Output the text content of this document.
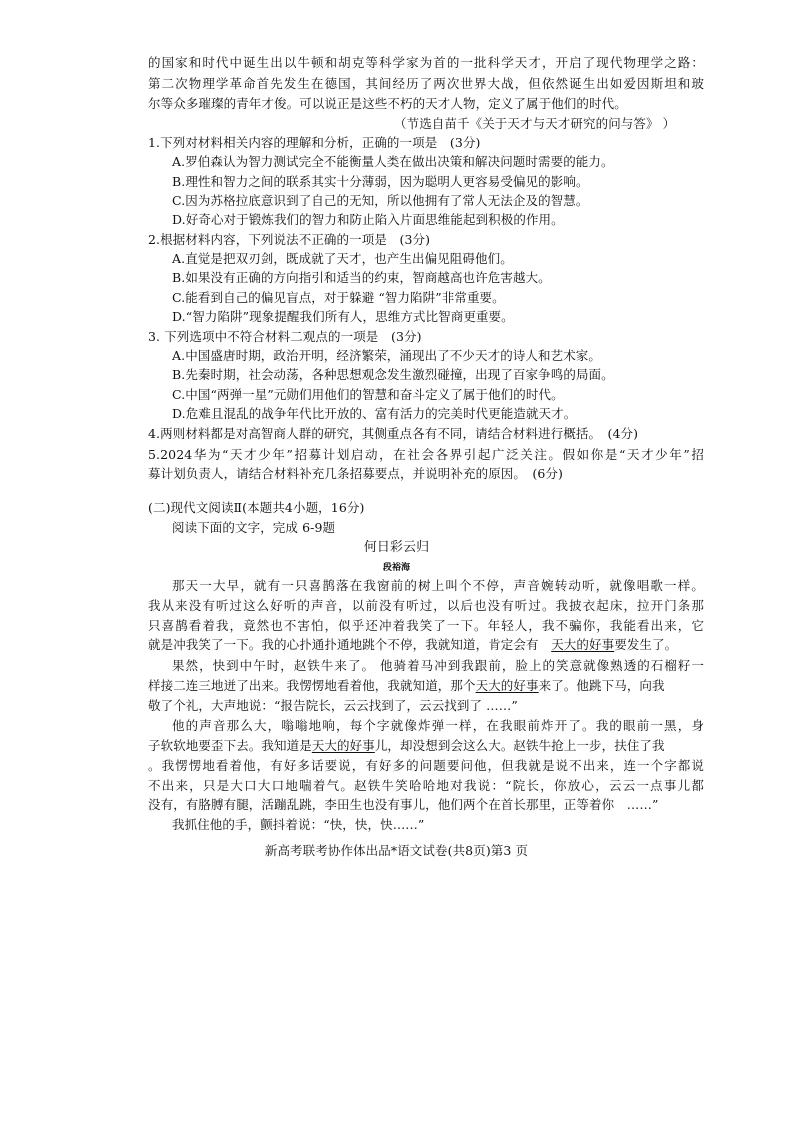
的国家和时代中诞生出以牛顿和胡克等科学家为首的一批科学天才，开启了现代物理学之路：
第二次物理学革命首先发生在德国，其间经历了两次世界大战，但依然诞生出如爱因斯坦和玻
尔等众多璀璨的青年才俊。可以说正是这些不朽的天才人物，定义了属于他们的时代。
（节选自苗千《关于天才与天才研究的问与答》 ）
1.下列对材料相关内容的理解和分析，正确的一项是　(3分)
A.罗伯森认为智力测试完全不能衡量人类在做出决策和解决问题时需要的能力。
B.理性和智力之间的联系其实十分薄弱，因为聪明人更容易受偏见的影响。
C.因为苏格拉底意识到了自己的无知，所以他拥有了常人无法企及的智慧。
D.好奇心对于锻炼我们的智力和防止陷入片面思维能起到积极的作用。
2.根据材料内容，下列说法不正确的一项是　(3分)
A.直觉是把双刃剑，既成就了天才，也产生出偏见阻碍他们。
B.如果没有正确的方向指引和适当的约束，智商越高也许危害越大。
C.能看到自己的偏见盲点，对于躲避 “智力陷阱”非常重要。
D.“智力陷阱”现象提醒我们所有人，思维方式比智商更重要。
3. 下列选项中不符合材料二观点的一项是　(3分)
A.中国盛唐时期，政治开明，经济繁荣，涌现出了不少天才的诗人和艺术家。
B.先秦时期，社会动荡，各种思想观念发生激烈碰撞，出现了百家争鸣的局面。
C.中国“两弹一星”元勋们用他们的智慧和奋斗定义了属于他们的时代。
D.危难且混乱的战争年代比开放的、富有活力的完美时代更能造就天才。
4.两则材料都是对高智商人群的研究，其侧重点各有不同，请结合材料进行概括。　(4分)
5.2024华为“天才少年”招募计划启动，在社会各界引起广泛关注。假如你是“天才少年”招
募计划负责人，请结合材料补充几条招募要点，并说明补充的原因。　(6分)
(二)现代文阅读Ⅱ(本题共4小题，16分)
阅读下面的文字，完成 6-9题
何日彩云归
段裕海
那天一大早，就有一只喜鹊落在我窗前的树上叫个不停，声音婉转动听，就像唱歌一样。
我从来没有听过这么好听的声音，以前没有听过，以后也没有听过。我披衣起床，拉开门条那
只喜鹊看着我，竟然也不害怕，似乎还冲着我笑了一下。年轻人，我不骗你，我能看出来，它
就是冲我笑了一下。我的心扑通扑通地跳个不停，我就知道，肯定会有　天大的好事要发生了。
果然，快到中午时，赵铁牛来了。 他骑着马冲到我跟前，脸上的笑意就像熟透的石榴籽一
样接二连三地迸了出来。我愣愣地看着他，我就知道，那个天大的好事来了。他跳下马，向我
敬了个礼，大声地说：“报告院长，云云找到了，云云找到了 ……”
他的声音那么大，嗡嗡地响，每个字就像炸弹一样，在我眼前炸开了。我的眼前一黑，身
子软软地要歪下去。我知道是天大的好事儿，却没想到会这么大。赵铁牛抢上一步，扶住了我
。我愣愣地看着他，有好多话要说，有好多的问题要问他，但我就是说不出来，连一个字都说
不出来，只是大口大口地喘着气。赵铁牛笑哈哈地对我说：“院长，你放心，云云一点事儿都
没有，有胳膊有腿，活蹦乱跳，李田生也没有事儿，他们两个在首长那里，正等着你　……”
我抓住他的手，颤抖着说：“快，快，快……”
新高考联考协作体出品*语文试卷(共8页)第3 页
